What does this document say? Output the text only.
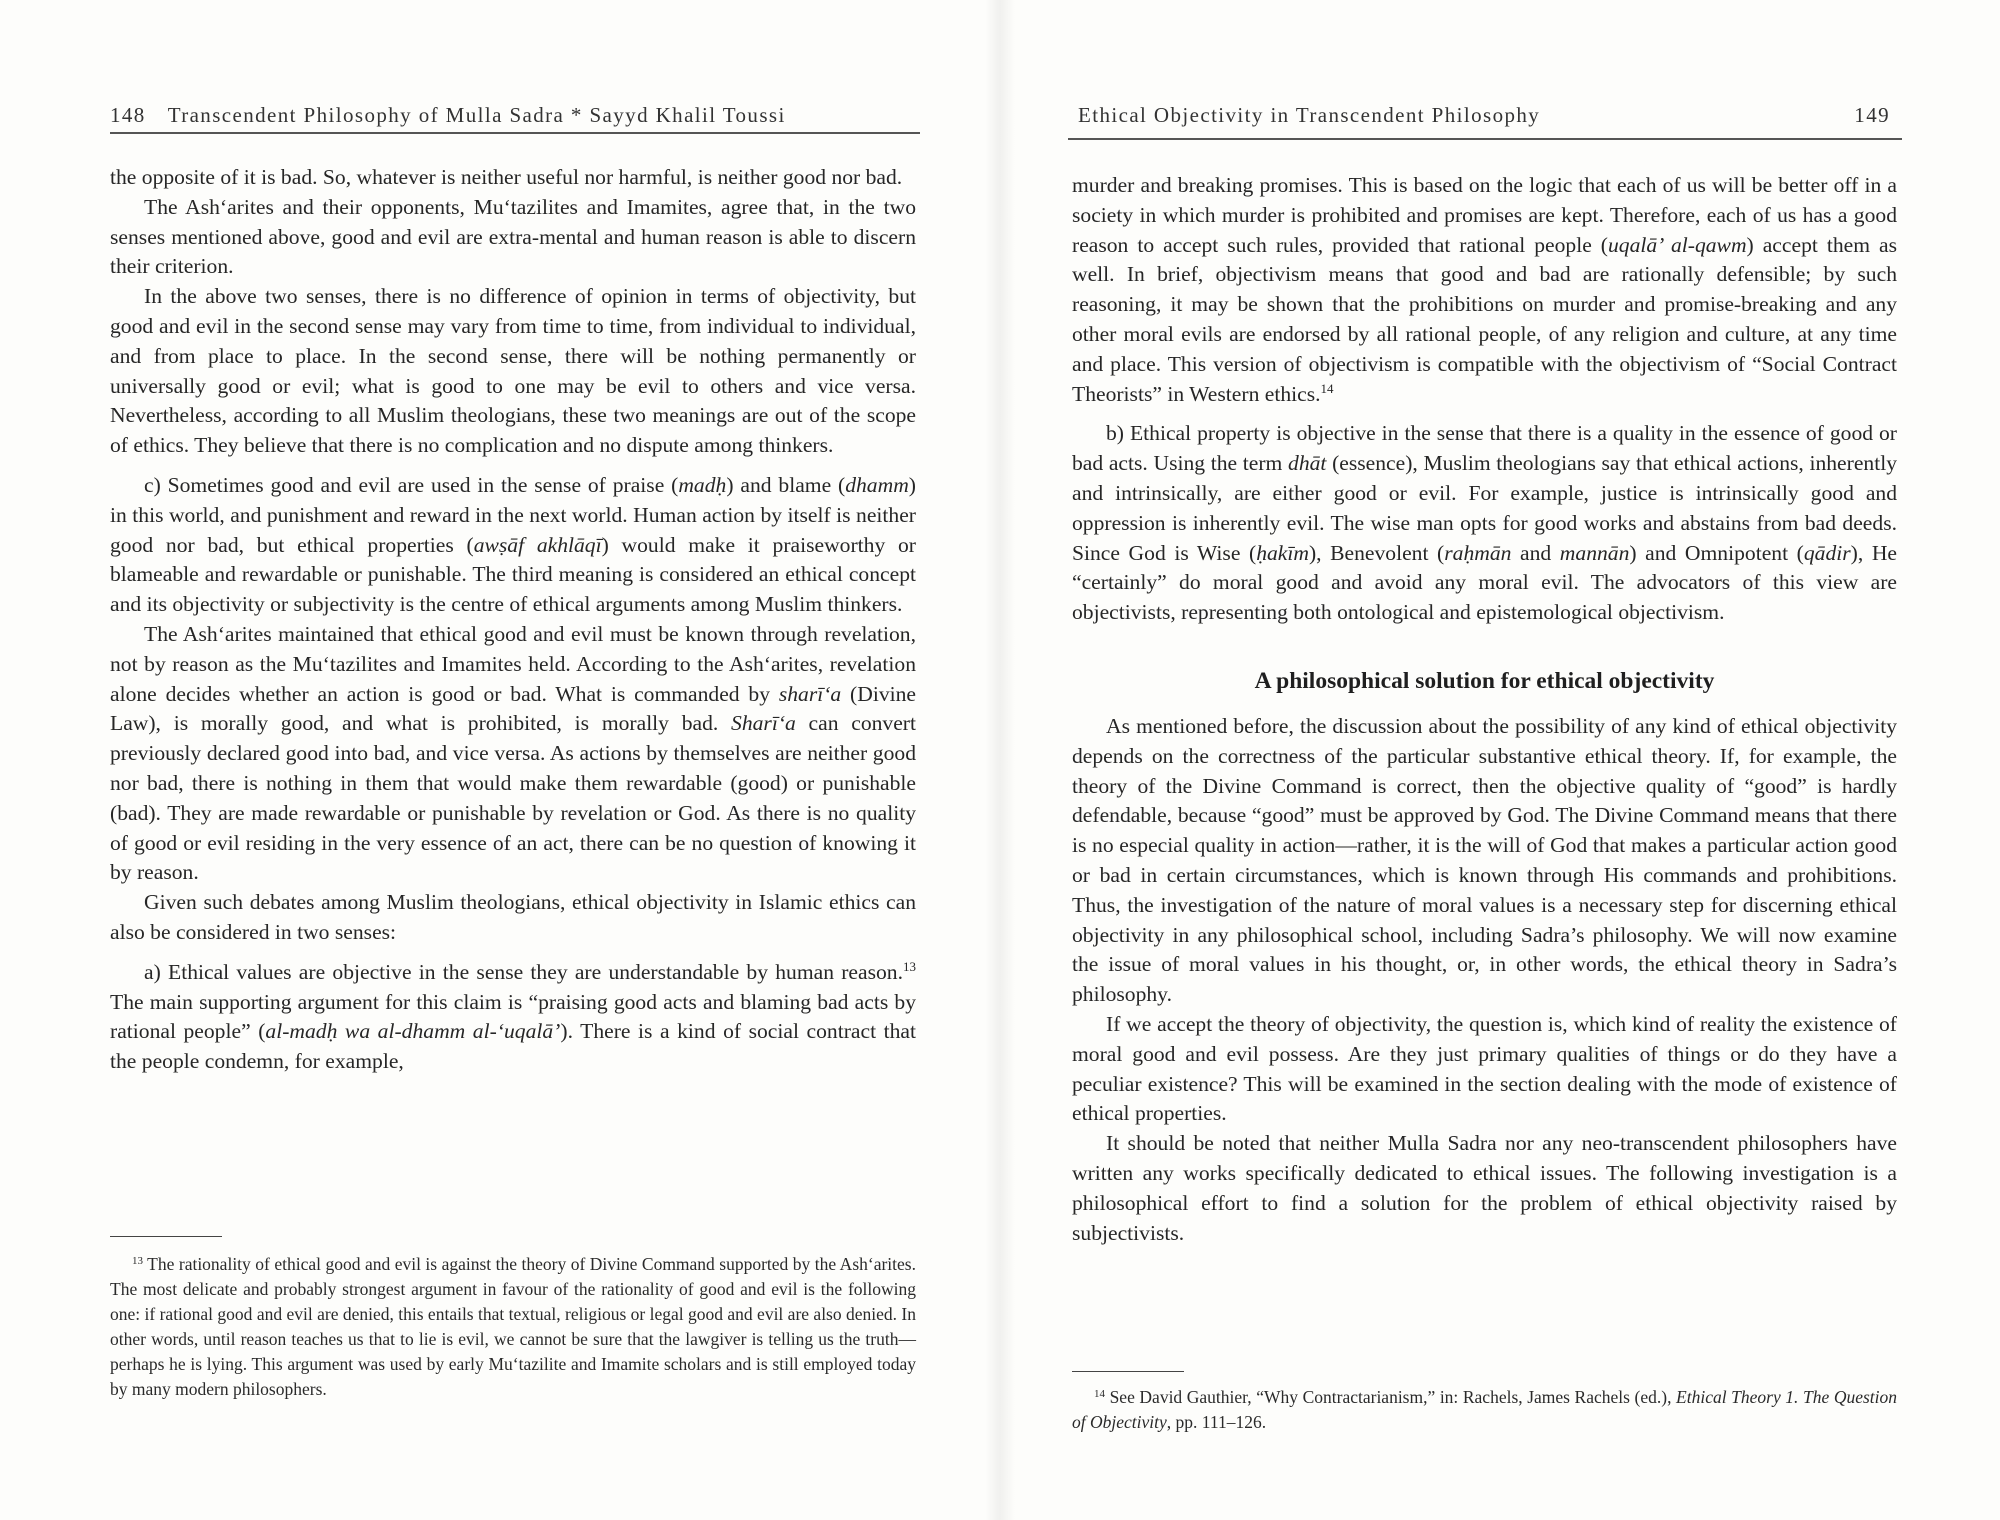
148 Transcendent Philosophy of Mulla Sadra * Sayyd Khalil Toussi

the opposite of it is bad. So, whatever is neither useful nor harmful, is neither good nor bad.

The Ash‘arites and their opponents, Mu‘tazilites and Imamites, agree that, in the two senses mentioned above, good and evil are extra-mental and human reason is able to discern their criterion.

In the above two senses, there is no difference of opinion in terms of objectivity, but good and evil in the second sense may vary from time to time, from individual to individual, and from place to place. In the second sense, there will be nothing permanently or universally good or evil; what is good to one may be evil to others and vice versa. Nevertheless, according to all Muslim theologians, these two meanings are out of the scope of ethics. They believe that there is no complication and no dispute among thinkers.

c) Sometimes good and evil are used in the sense of praise (madḥ) and blame (dhamm) in this world, and punishment and reward in the next world. Human action by itself is neither good nor bad, but ethical properties (awṣāf akhlāqī) would make it praiseworthy or blameable and rewardable or punishable. The third meaning is considered an ethical concept and its objectivity or subjectivity is the centre of ethical arguments among Muslim thinkers.

The Ash‘arites maintained that ethical good and evil must be known through revelation, not by reason as the Mu‘tazilites and Imamites held. According to the Ash‘arites, revelation alone decides whether an action is good or bad. What is commanded by sharī‘a (Divine Law), is morally good, and what is prohibited, is morally bad. Sharī‘a can convert previously declared good into bad, and vice versa. As actions by themselves are neither good nor bad, there is nothing in them that would make them rewardable (good) or punishable (bad). They are made rewardable or punishable by revelation or God. As there is no quality of good or evil residing in the very essence of an act, there can be no question of knowing it by reason.

Given such debates among Muslim theologians, ethical objectivity in Islamic ethics can also be considered in two senses:

a) Ethical values are objective in the sense they are understandable by human reason.$^{13}$ The main supporting argument for this claim is “praising good acts and blaming bad acts by rational people” (al-madḥ wa al-dhamm al-‘uqalā’). There is a kind of social contract that the people condemn, for example,

$^{13}$ The rationality of ethical good and evil is against the theory of Divine Command supported by the Ash‘arites. The most delicate and probably strongest argument in favour of the rationality of good and evil is the following one: if rational good and evil are denied, this entails that textual, religious or legal good and evil are also denied. In other words, until reason teaches us that to lie is evil, we cannot be sure that the lawgiver is telling us the truth—perhaps he is lying. This argument was used by early Mu‘tazilite and Imamite scholars and is still employed today by many modern philosophers.

Ethical Objectivity in Transcendent Philosophy	149

murder and breaking promises. This is based on the logic that each of us will be better off in a society in which murder is prohibited and promises are kept. Therefore, each of us has a good reason to accept such rules, provided that rational people (uqalā’ al-qawm) accept them as well. In brief, objectivism means that good and bad are rationally defensible; by such reasoning, it may be shown that the prohibitions on murder and promise-breaking and any other moral evils are endorsed by all rational people, of any religion and culture, at any time and place. This version of objectivism is compatible with the objectivism of “Social Contract Theorists” in Western ethics.$^{14}$

b) Ethical property is objective in the sense that there is a quality in the essence of good or bad acts. Using the term dhāt (essence), Muslim theologians say that ethical actions, inherently and intrinsically, are either good or evil. For example, justice is intrinsically good and oppression is inherently evil. The wise man opts for good works and abstains from bad deeds. Since God is Wise (ḥakīm), Benevolent (raḥmān and mannān) and Omnipotent (qādir), He “certainly” do moral good and avoid any moral evil. The advocators of this view are objectivists, representing both ontological and epistemological objectivism.

A philosophical solution for ethical objectivity

As mentioned before, the discussion about the possibility of any kind of ethical objectivity depends on the correctness of the particular substantive ethical theory. If, for example, the theory of the Divine Command is correct, then the objective quality of “good” is hardly defendable, because “good” must be approved by God. The Divine Command means that there is no especial quality in action—rather, it is the will of God that makes a particular action good or bad in certain circumstances, which is known through His commands and prohibitions. Thus, the investigation of the nature of moral values is a necessary step for discerning ethical objectivity in any philosophical school, including Sadra’s philosophy. We will now examine the issue of moral values in his thought, or, in other words, the ethical theory in Sadra’s philosophy.

If we accept the theory of objectivity, the question is, which kind of reality the existence of moral good and evil possess. Are they just primary qualities of things or do they have a peculiar existence? This will be examined in the section dealing with the mode of existence of ethical properties.

It should be noted that neither Mulla Sadra nor any neo-transcendent philosophers have written any works specifically dedicated to ethical issues. The following investigation is a philosophical effort to find a solution for the problem of ethical objectivity raised by subjectivists.

$^{14}$ See David Gauthier, “Why Contractarianism,” in: Rachels, James Rachels (ed.), Ethical Theory 1. The Question of Objectivity, pp. 111–126.
